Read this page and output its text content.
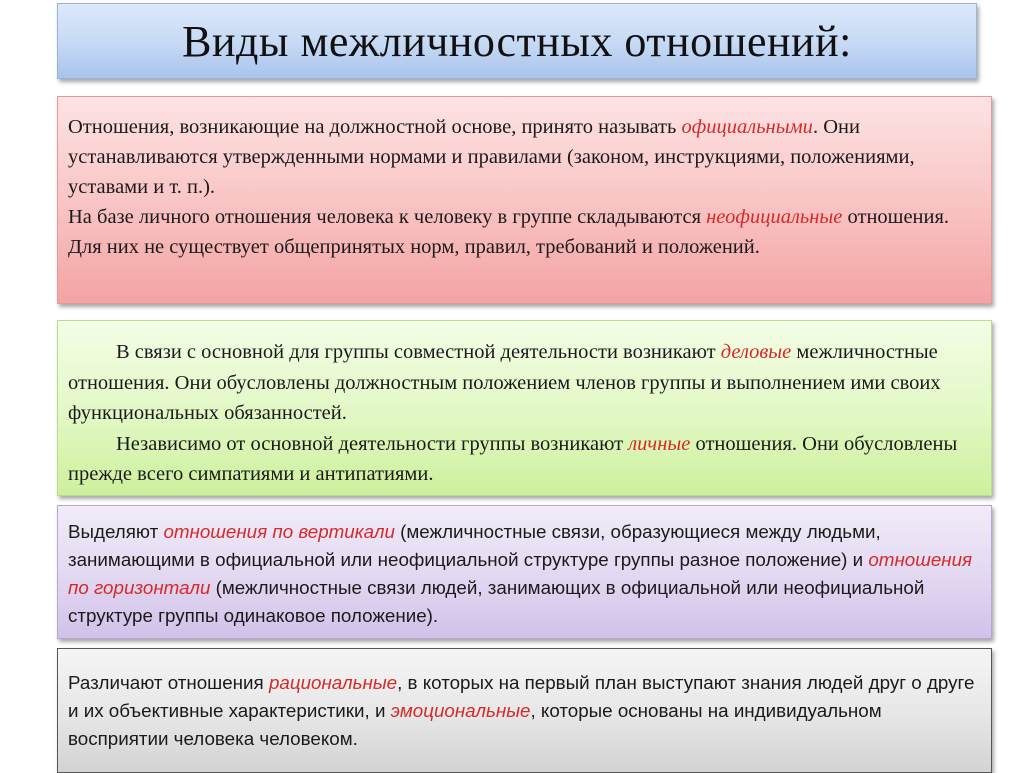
Виды межличностных отношений:

Отношения, возникающие на должностной основе, принято называть официальными. Они устанавливаются утвержденными нормами и правилами (законом, инструкциями, положениями, уставами и т. п.).

На базе личного отношения человека к человеку в группе складываются неофициальные отношения. Для них не существует общепринятых норм, правил, требований и положений.

В связи с основной для группы совместной деятельности возникают деловые межличностные отношения. Они обусловлены должностным положением членов группы и выполнением ими своих функциональных обязанностей.

Независимо от основной деятельности группы возникают личные отношения. Они обусловлены прежде всего симпатиями и антипатиями.

Выделяют отношения по вертикали (межличностные связи, образующиеся между людьми, занимающими в официальной или неофициальной структуре группы разное положение) и отношения по горизонтали (межличностные связи людей, занимающих в официальной или неофициальной структуре группы одинаковое положение).

Различают отношения рациональные, в которых на первый план выступают знания людей друг о друге и их объективные характеристики, и эмоциональные, которые основаны на индивидуальном восприятии человека человеком.
